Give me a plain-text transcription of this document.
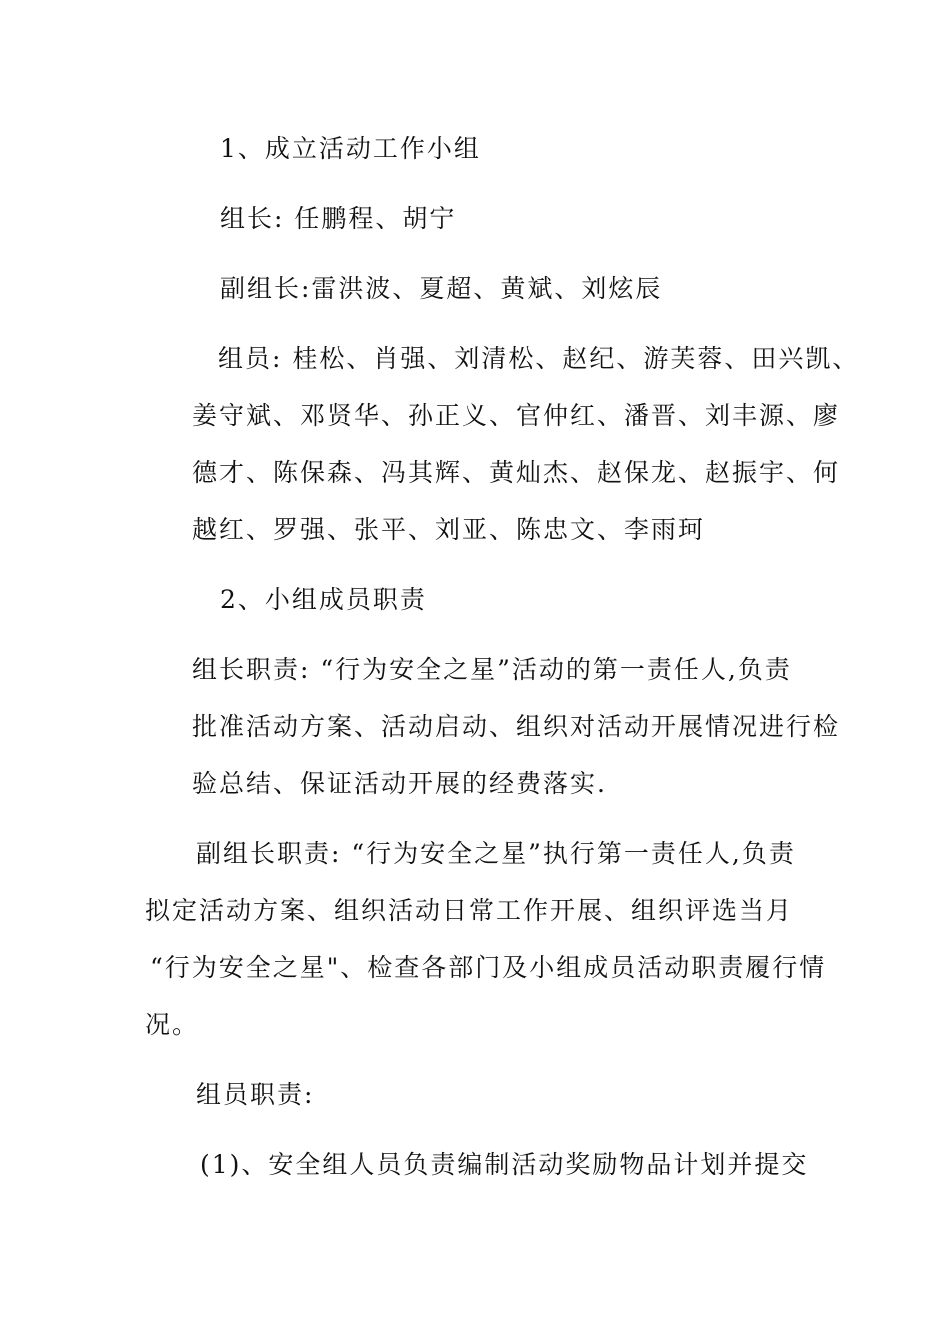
1、成立活动工作小组
组长: 任鹏程、胡宁
副组长:雷洪波、夏超、黄斌、刘炫辰
组员: 桂松、肖强、刘清松、赵纪、游芙蓉、田兴凯、
姜守斌、邓贤华、孙正义、官仲红、潘晋、刘丰源、廖
德才、陈保森、冯其辉、黄灿杰、赵保龙、赵振宇、何
越红、罗强、张平、刘亚、陈忠文、李雨珂
2、小组成员职责
组长职责: “行为安全之星”活动的第一责任人,负责
批准活动方案、活动启动、组织对活动开展情况进行检
验总结、保证活动开展的经费落实.
副组长职责: “行为安全之星”执行第一责任人,负责
拟定活动方案、组织活动日常工作开展、组织评选当月
“行为安全之星"、检查各部门及小组成员活动职责履行情
况。
组员职责:
(1)、安全组人员负责编制活动奖励物品计划并提交
